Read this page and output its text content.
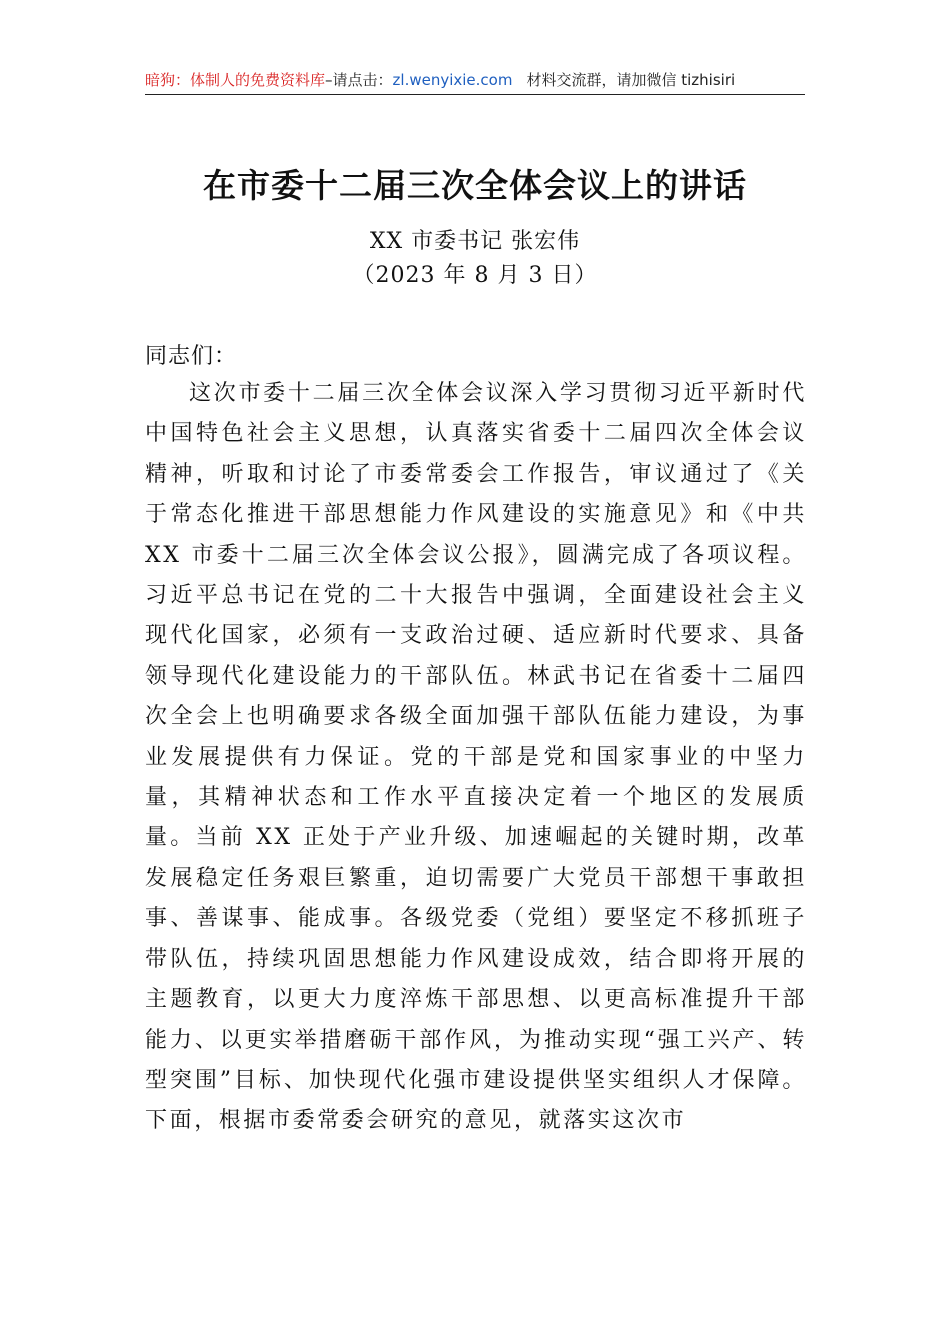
暗狗：体制人的免费资料库–请点击：zl.wenyixie.com 材料交流群，请加微信 tizhisiri
在市委十二届三次全体会议上的讲话
XX 市委书记 张宏伟
（2023 年 8 月 3 日）
同志们：

这次市委十二届三次全体会议深入学习贯彻习近平新时代中国特色社会主义思想，认真落实省委十二届四次全体会议精神，听取和讨论了市委常委会工作报告，审议通过了《关于常态化推进干部思想能力作风建设的实施意见》和《中共 XX 市委十二届三次全体会议公报》，圆满完成了各项议程。习近平总书记在党的二十大报告中强调，全面建设社会主义现代化国家，必须有一支政治过硬、适应新时代要求、具备领导现代化建设能力的干部队伍。林武书记在省委十二届四次全会上也明确要求各级全面加强干部队伍能力建设，为事业发展提供有力保证。党的干部是党和国家事业的中坚力量，其精神状态和工作水平直接决定着一个地区的发展质量。当前 XX 正处于产业升级、加速崛起的关键时期，改革发展稳定任务艰巨繁重，迫切需要广大党员干部想干事敢担事、善谋事、能成事。各级党委（党组）要坚定不移抓班子带队伍，持续巩固思想能力作风建设成效，结合即将开展的主题教育，以更大力度淬炼干部思想、以更高标准提升干部能力、以更实举措磨砺干部作风，为推动实现“强工兴产、转型突围”目标、加快现代化强市建设提供坚实组织人才保障。下面，根据市委常委会研究的意见，就落实这次市
